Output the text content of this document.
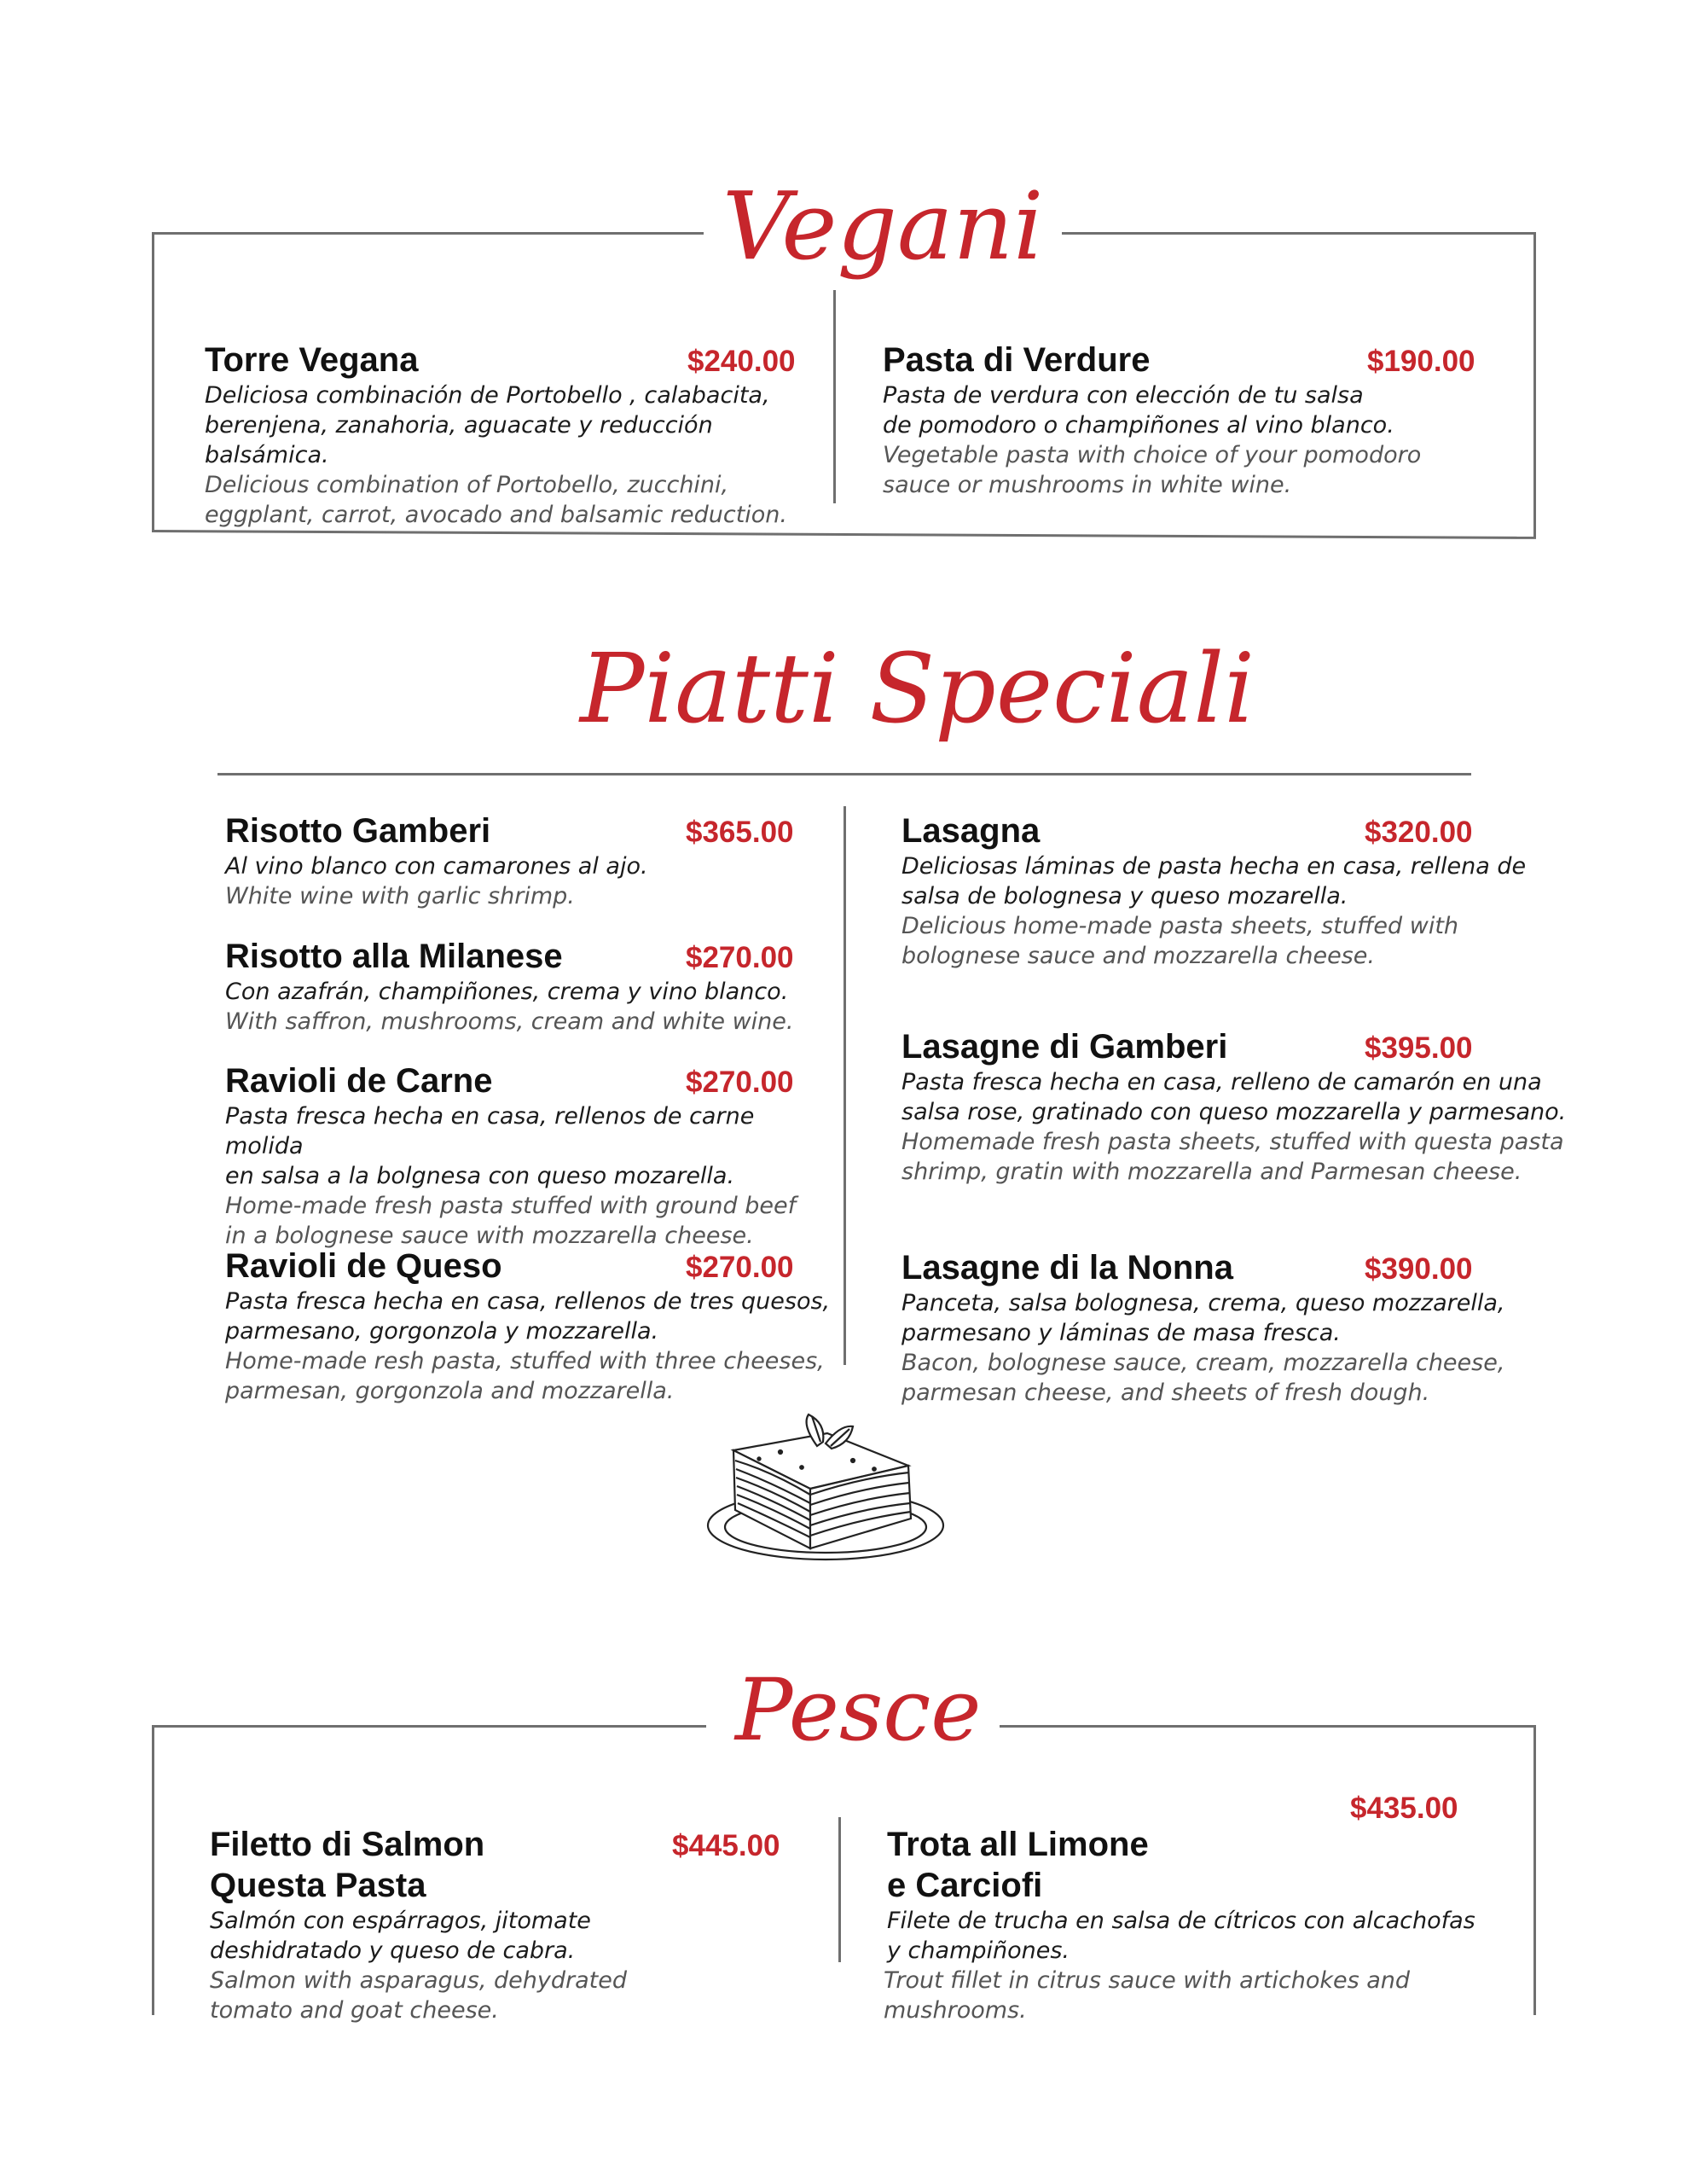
Vegani
Torre Vegana	$240.00
Deliciosa combinación de Portobello , calabacita,
berenjena, zanahoria, aguacate y reducción balsámica.
Delicious combination of Portobello, zucchini,
eggplant, carrot, avocado and balsamic reduction.
Pasta di Verdure	$190.00
Pasta de verdura con elección de tu salsa
de pomodoro o champiñones al vino blanco.
Vegetable pasta with choice of your pomodoro
sauce or mushrooms in white wine.
Piatti Speciali
Risotto Gamberi	$365.00
Al vino blanco con camarones al ajo.
White wine with garlic shrimp.
Risotto alla Milanese	$270.00
Con azafrán, champiñones, crema y vino blanco.
With saffron, mushrooms, cream and white wine.
Ravioli de Carne	$270.00
Pasta fresca hecha en casa, rellenos de carne molida
en salsa a la bolgnesa con queso mozarella.
Home-made fresh pasta stuffed with ground beef
in a bolognese sauce with mozzarella cheese.
Ravioli de Queso	$270.00
Pasta fresca hecha en casa, rellenos de tres quesos,
parmesano, gorgonzola y mozzarella.
Home-made resh pasta, stuffed with three cheeses,
parmesan, gorgonzola and mozzarella.
Lasagna	$320.00
Deliciosas láminas de pasta hecha en casa, rellena de
salsa de bolognesa y queso mozarella.
Delicious home-made pasta sheets, stuffed with
bolognese sauce and mozzarella cheese.
Lasagne di Gamberi	$395.00
Pasta fresca hecha en casa, relleno de camarón en una
salsa rose, gratinado con queso mozzarella y parmesano.
Homemade fresh pasta sheets, stuffed with questa pasta
shrimp, gratin with mozzarella and Parmesan cheese.
Lasagne di la Nonna	$390.00
Panceta, salsa bolognesa, crema, queso mozzarella,
parmesano y láminas de masa fresca.
Bacon, bolognese sauce, cream, mozzarella cheese,
parmesan cheese, and sheets of fresh dough.
Pesce
Filetto di Salmon
Questa Pasta
$445.00
Salmón con espárragos, jitomate
deshidratado y queso de cabra.
Salmon with asparagus, dehydrated
tomato and goat cheese.
Trota all Limone
e Carciofi
$435.00
Filete de trucha en salsa de cítricos con alcachofas
y champiñones.
Trout fillet in citrus sauce with artichokes and mushrooms.
